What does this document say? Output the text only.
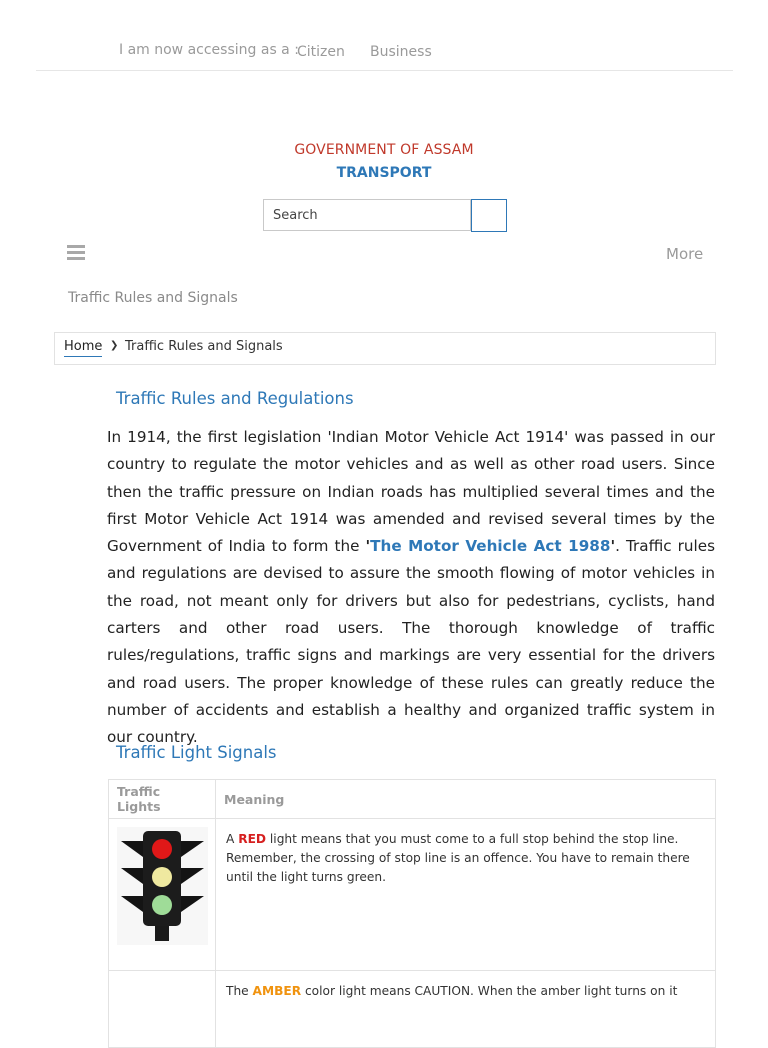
I am now accessing as a :
Citizen Business
GOVERNMENT OF ASSAM
TRANSPORT
Search
More
Traffic Rules and Signals
Home ❯ Traffic Rules and Signals
Traffic Rules and Regulations

In 1914, the first legislation 'Indian Motor Vehicle Act 1914' was passed in our country to regulate the motor vehicles and as well as other road users. Since then the traffic pressure on Indian roads has multiplied several times and the first Motor Vehicle Act 1914 was amended and revised several times by the Government of India to form the 'The Motor Vehicle Act 1988'. Traffic rules and regulations are devised to assure the smooth flowing of motor vehicles in the road, not meant only for drivers but also for pedestrians, cyclists, hand carters and other road users. The thorough knowledge of traffic rules/regulations, traffic signs and markings are very essential for the drivers and road users. The proper knowledge of these rules can greatly reduce the number of accidents and establish a healthy and organized traffic system in our country.

Traffic Light Signals
Traffic Lights	Meaning
	A RED light means that you must come to a full stop behind the stop line. Remember, the crossing of stop line is an offence. You have to remain there until the light turns green.
	The AMBER color light means CAUTION. When the amber light turns on it
